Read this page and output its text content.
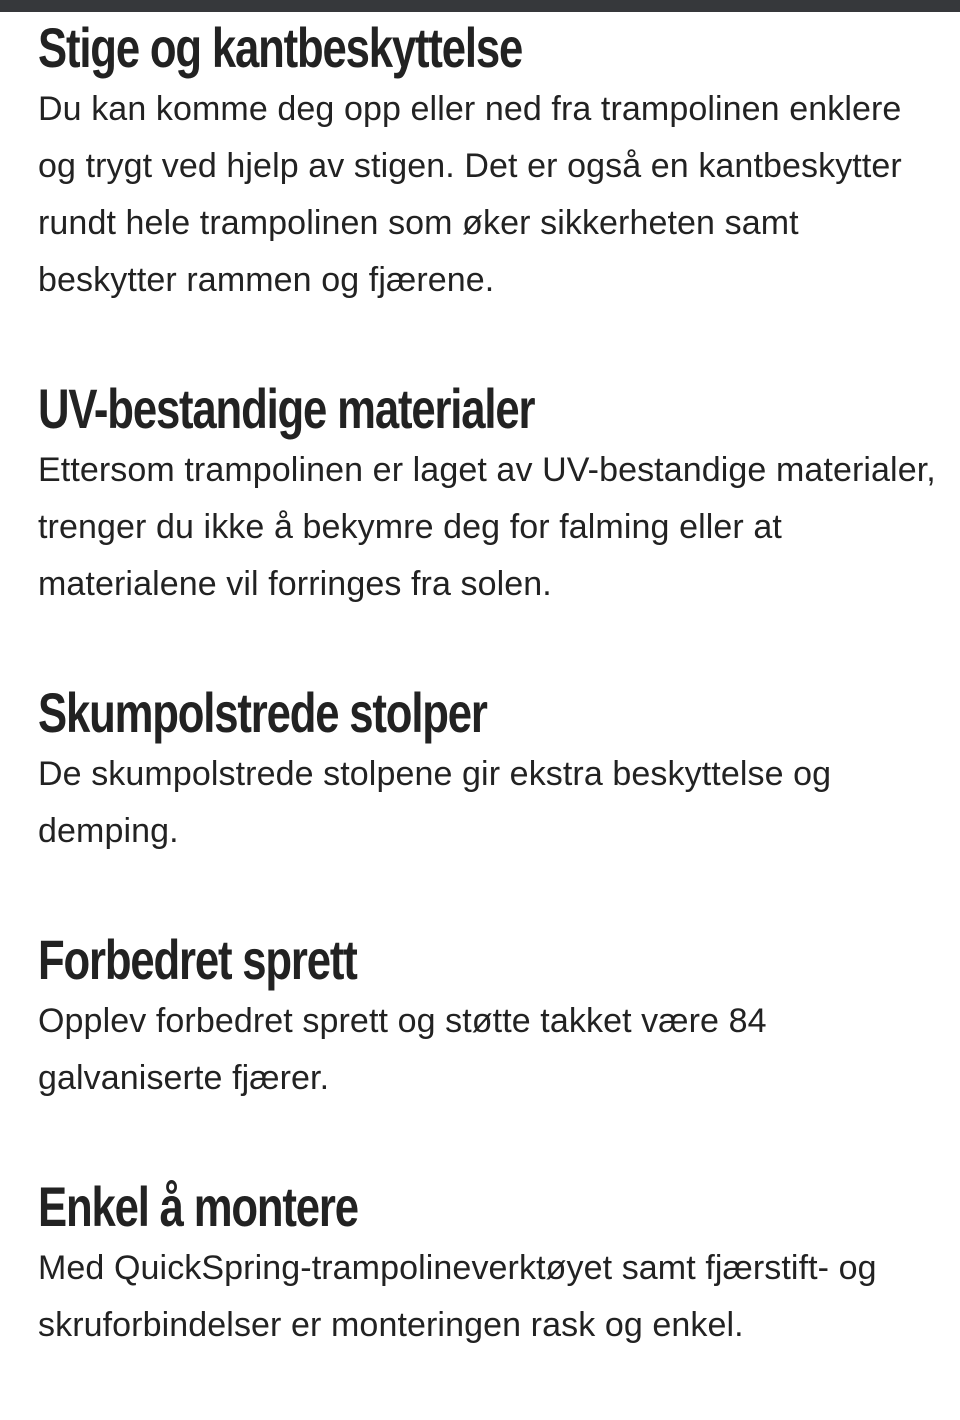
Stige og kantbeskyttelse

Du kan komme deg opp eller ned fra trampolinen enklere og trygt ved hjelp av stigen. Det er også en kantbeskytter rundt hele trampolinen som øker sikkerheten samt beskytter rammen og fjærene.

UV-bestandige materialer

Ettersom trampolinen er laget av UV-bestandige materialer, trenger du ikke å bekymre deg for falming eller at materialene vil forringes fra solen.

Skumpolstrede stolper

De skumpolstrede stolpene gir ekstra beskyttelse og demping.

Forbedret sprett

Opplev forbedret sprett og støtte takket være 84 galvaniserte fjærer.

Enkel å montere

Med QuickSpring-trampolineverktøyet samt fjærstift- og skruforbindelser er monteringen rask og enkel.
